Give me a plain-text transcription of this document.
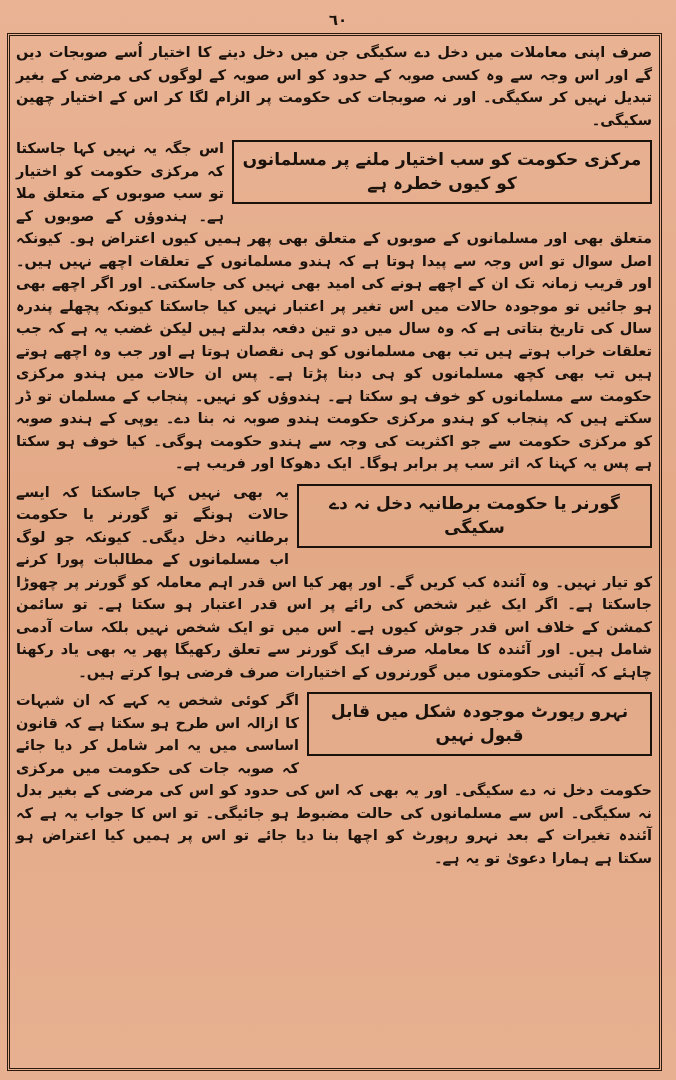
٦٠

صرف اپنی معاملات میں دخل دے سکیگی جن میں دخل دینے کا اختیار اُسے صوبجات دیں گے اور اس وجہ سے وہ کسی صوبہ کے حدود کو اس صوبہ کے لوگوں کی مرضی کے بغیر تبدیل نہیں کر سکیگی۔ اور نہ صوبجات کی حکومت پر الزام لگا کر اس کے اختیار چھین سکیگی۔

مرکزی حکومت کو سب اختیار ملنے پر مسلمانوں کو کیوں خطرہ ہے

اس جگہ یہ نہیں کہا جاسکتا کہ مرکزی حکومت کو اختیار تو سب صوبوں کے متعلق ملا ہے۔ ہندوؤں کے صوبوں کے متعلق بھی اور مسلمانوں کے صوبوں کے متعلق بھی پھر ہمیں کیوں اعتراض ہو۔ کیونکہ اصل سوال تو اس وجہ سے پیدا ہوتا ہے کہ ہندو مسلمانوں کے تعلقات اچھے نہیں ہیں۔ اور قریب زمانہ تک ان کے اچھے ہونے کی امید بھی نہیں کی جاسکتی۔ اور اگر اچھے بھی ہو جائیں تو موجودہ حالات میں اس تغیر پر اعتبار نہیں کیا جاسکتا کیونکہ پچھلے پندرہ سال کی تاریخ بتاتی ہے کہ وہ سال میں دو تین دفعہ بدلتے ہیں لیکن غضب یہ ہے کہ جب تعلقات خراب ہوتے ہیں تب بھی مسلمانوں کو ہی نقصان ہوتا ہے اور جب وہ اچھے ہوتے ہیں تب بھی کچھ مسلمانوں کو ہی دبنا پڑتا ہے۔ پس ان حالات میں ہندو مرکزی حکومت سے مسلمانوں کو خوف ہو سکتا ہے۔ ہندوؤں کو نہیں۔ پنجاب کے مسلمان تو ڈر سکتے ہیں کہ پنجاب کو ہندو مرکزی حکومت ہندو صوبہ نہ بنا دے۔ یوپی کے ہندو صوبہ کو مرکزی حکومت سے جو اکثریت کی وجہ سے ہندو حکومت ہوگی۔ کیا خوف ہو سکتا ہے پس یہ کہنا کہ اثر سب پر برابر ہوگا۔ ایک دھوکا اور فریب ہے۔

گورنر یا حکومت برطانیہ دخل نہ دے سکیگی

یہ بھی نہیں کہا جاسکتا کہ ایسے حالات ہونگے تو گورنر یا حکومت برطانیہ دخل دیگی۔ کیونکہ جو لوگ اب مسلمانوں کے مطالبات پورا کرنے کو تیار نہیں۔ وہ آئندہ کب کریں گے۔ اور پھر کیا اس قدر اہم معاملہ کو گورنر پر چھوڑا جاسکتا ہے۔ اگر ایک غیر شخص کی رائے پر اس قدر اعتبار ہو سکتا ہے۔ تو سائمن کمشن کے خلاف اس قدر جوش کیوں ہے۔ اس میں تو ایک شخص نہیں بلکہ سات آدمی شامل ہیں۔ اور آئندہ کا معاملہ صرف ایک گورنر سے تعلق رکھیگا پھر یہ بھی یاد رکھنا چاہئے کہ آئینی حکومتوں میں گورنروں کے اختیارات صرف فرضی ہوا کرتے ہیں۔

نہرو رپورٹ موجودہ شکل میں قابل قبول نہیں

اگر کوئی شخص یہ کہے کہ ان شبہات کا ازالہ اس طرح ہو سکتا ہے کہ قانون اساسی میں یہ امر شامل کر دیا جائے کہ صوبہ جات کی حکومت میں مرکزی حکومت دخل نہ دے سکیگی۔ اور یہ بھی کہ اس کی حدود کو اس کی مرضی کے بغیر بدل نہ سکیگی۔ اس سے مسلمانوں کی حالت مضبوط ہو جائیگی۔ تو اس کا جواب یہ ہے کہ آئندہ تغیرات کے بعد نہرو رپورٹ کو اچھا بنا دیا جائے تو اس پر ہمیں کیا اعتراض ہو سکتا ہے ہمارا دعویٰ تو یہ ہے۔
